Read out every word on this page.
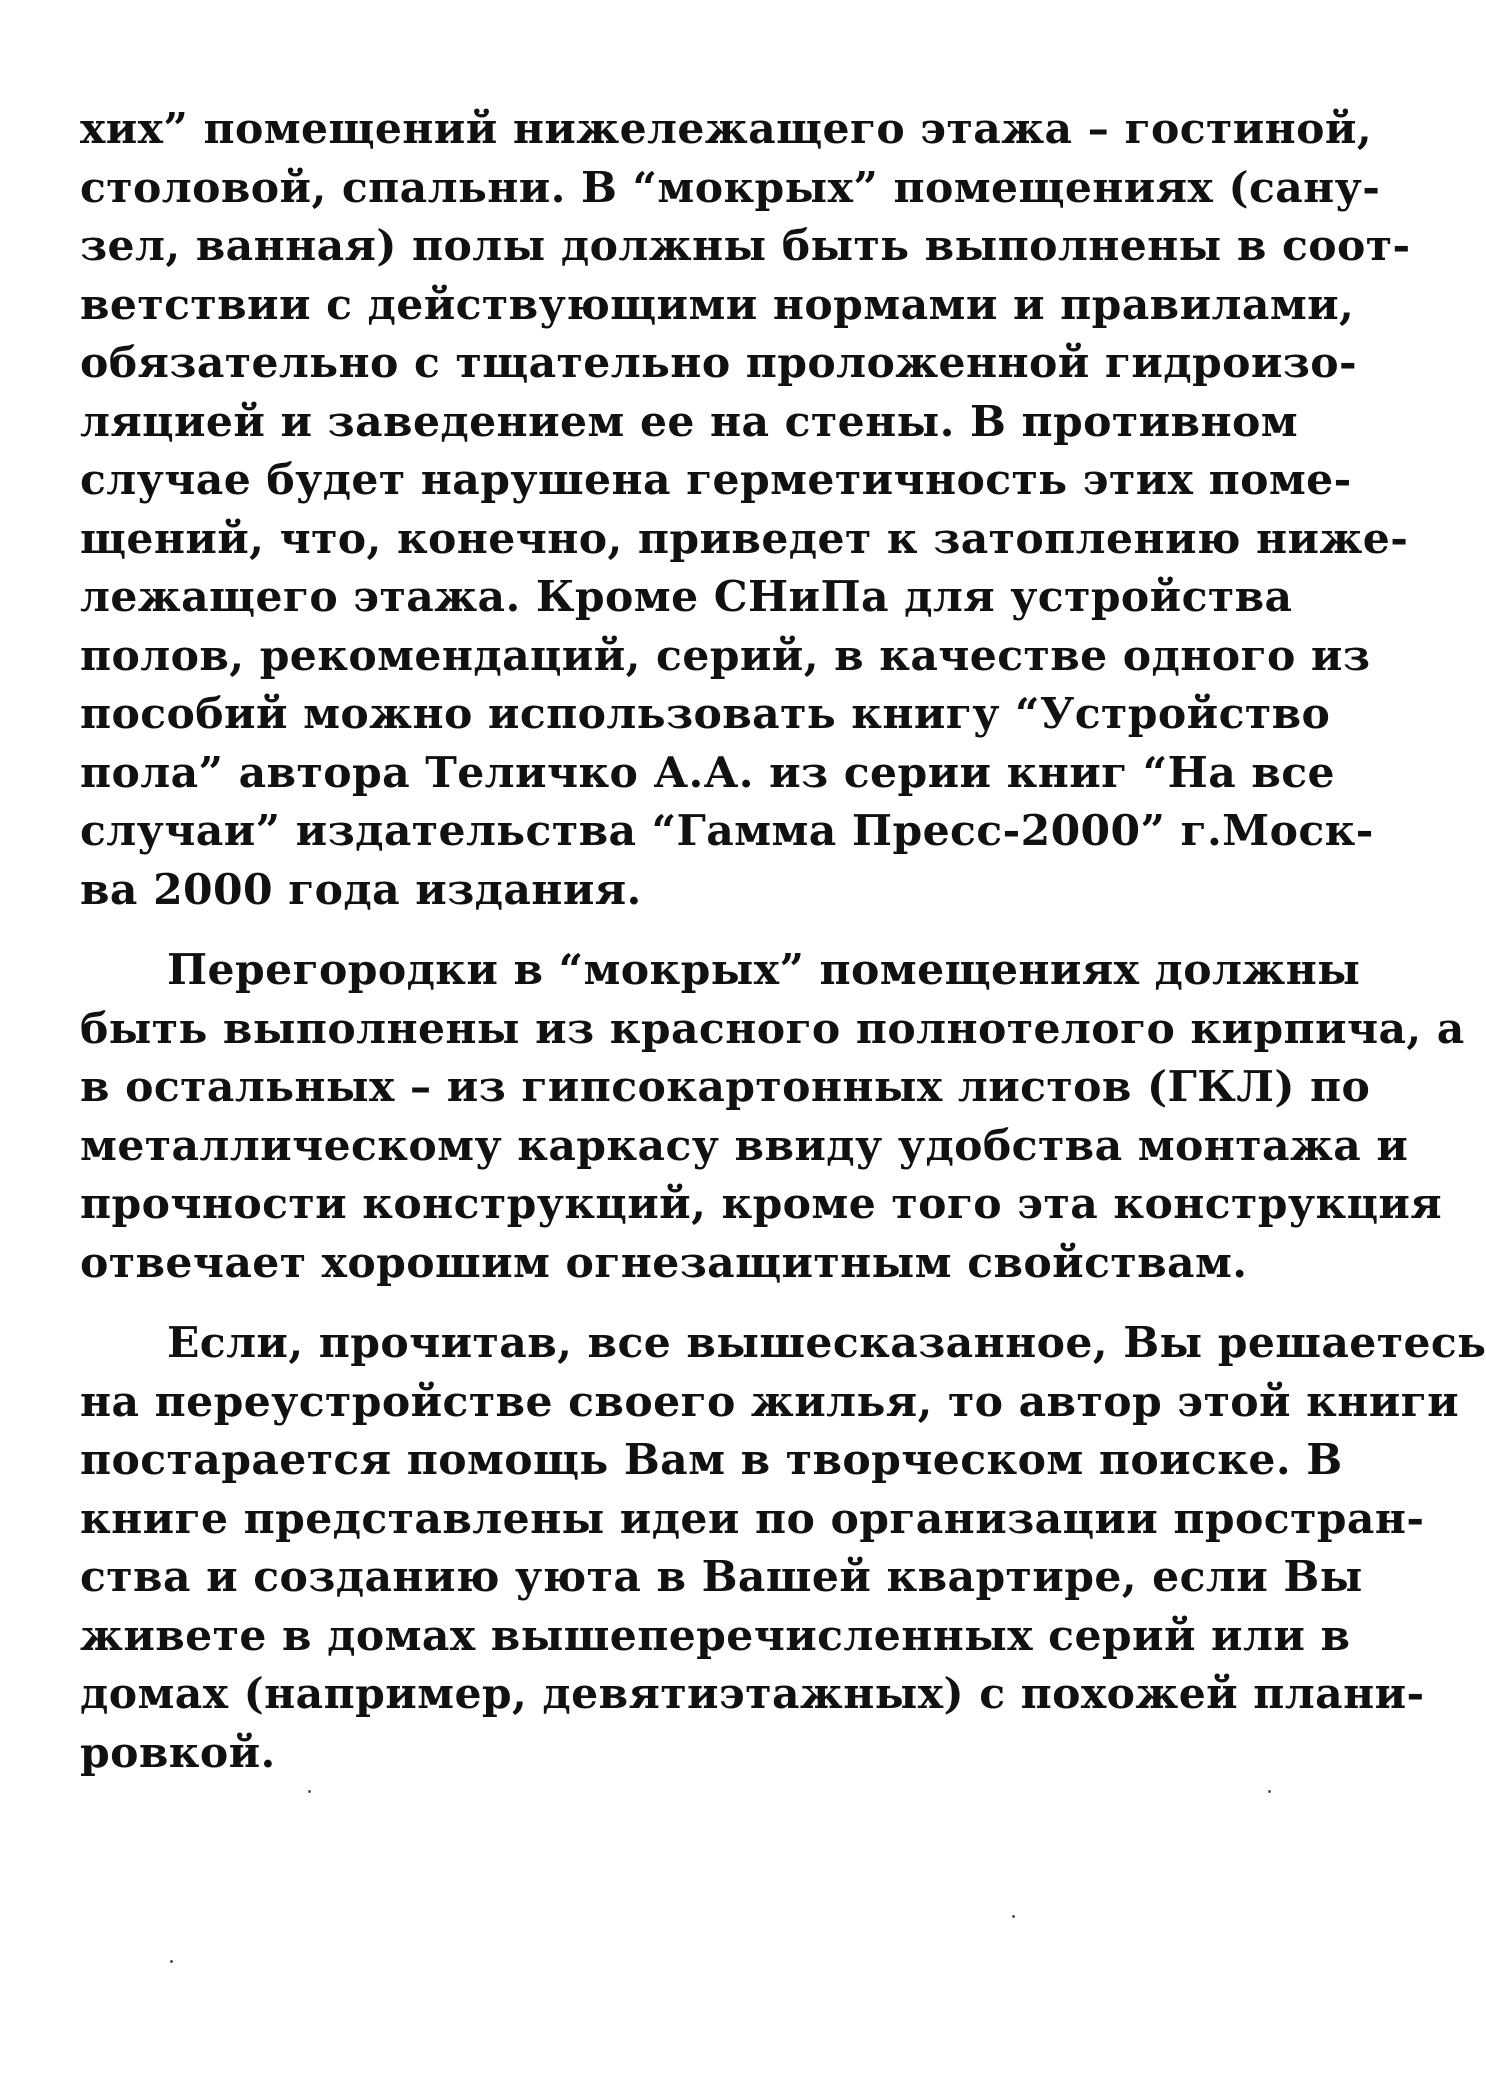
хих” помещений нижележащего этажа – гостиной,
столовой, спальни. В “мокрых” помещениях (сану-
зел, ванная) полы должны быть выполнены в соот-
ветствии с действующими нормами и правилами,
обязательно с тщательно проложенной гидроизо-
ляцией и заведением ее на стены. В противном
случае будет нарушена герметичность этих поме-
щений, что, конечно, приведет к затоплению ниже-
лежащего этажа. Кроме СНиПа для устройства
полов, рекомендаций, серий, в качестве одного из
пособий можно использовать книгу “Устройство
пола” автора Теличко А.А. из серии книг “На все
случаи” издательства “Гамма Пресс-2000” г.Моск-
ва 2000 года издания.

Перегородки в “мокрых” помещениях должны
быть выполнены из красного полнотелого кирпича, а
в остальных – из гипсокартонных листов (ГКЛ) по
металлическому каркасу ввиду удобства монтажа и
прочности конструкций, кроме того эта конструкция
отвечает хорошим огнезащитным свойствам.

Если, прочитав, все вышесказанное, Вы решаетесь
на переустройстве своего жилья, то автор этой книги
постарается помощь Вам в творческом поиске. В
книге представлены идеи по организации простран-
ства и созданию уюта в Вашей квартире, если Вы
живете в домах вышеперечисленных серий или в
домах (например, девятиэтажных) с похожей плани-
ровкой.
